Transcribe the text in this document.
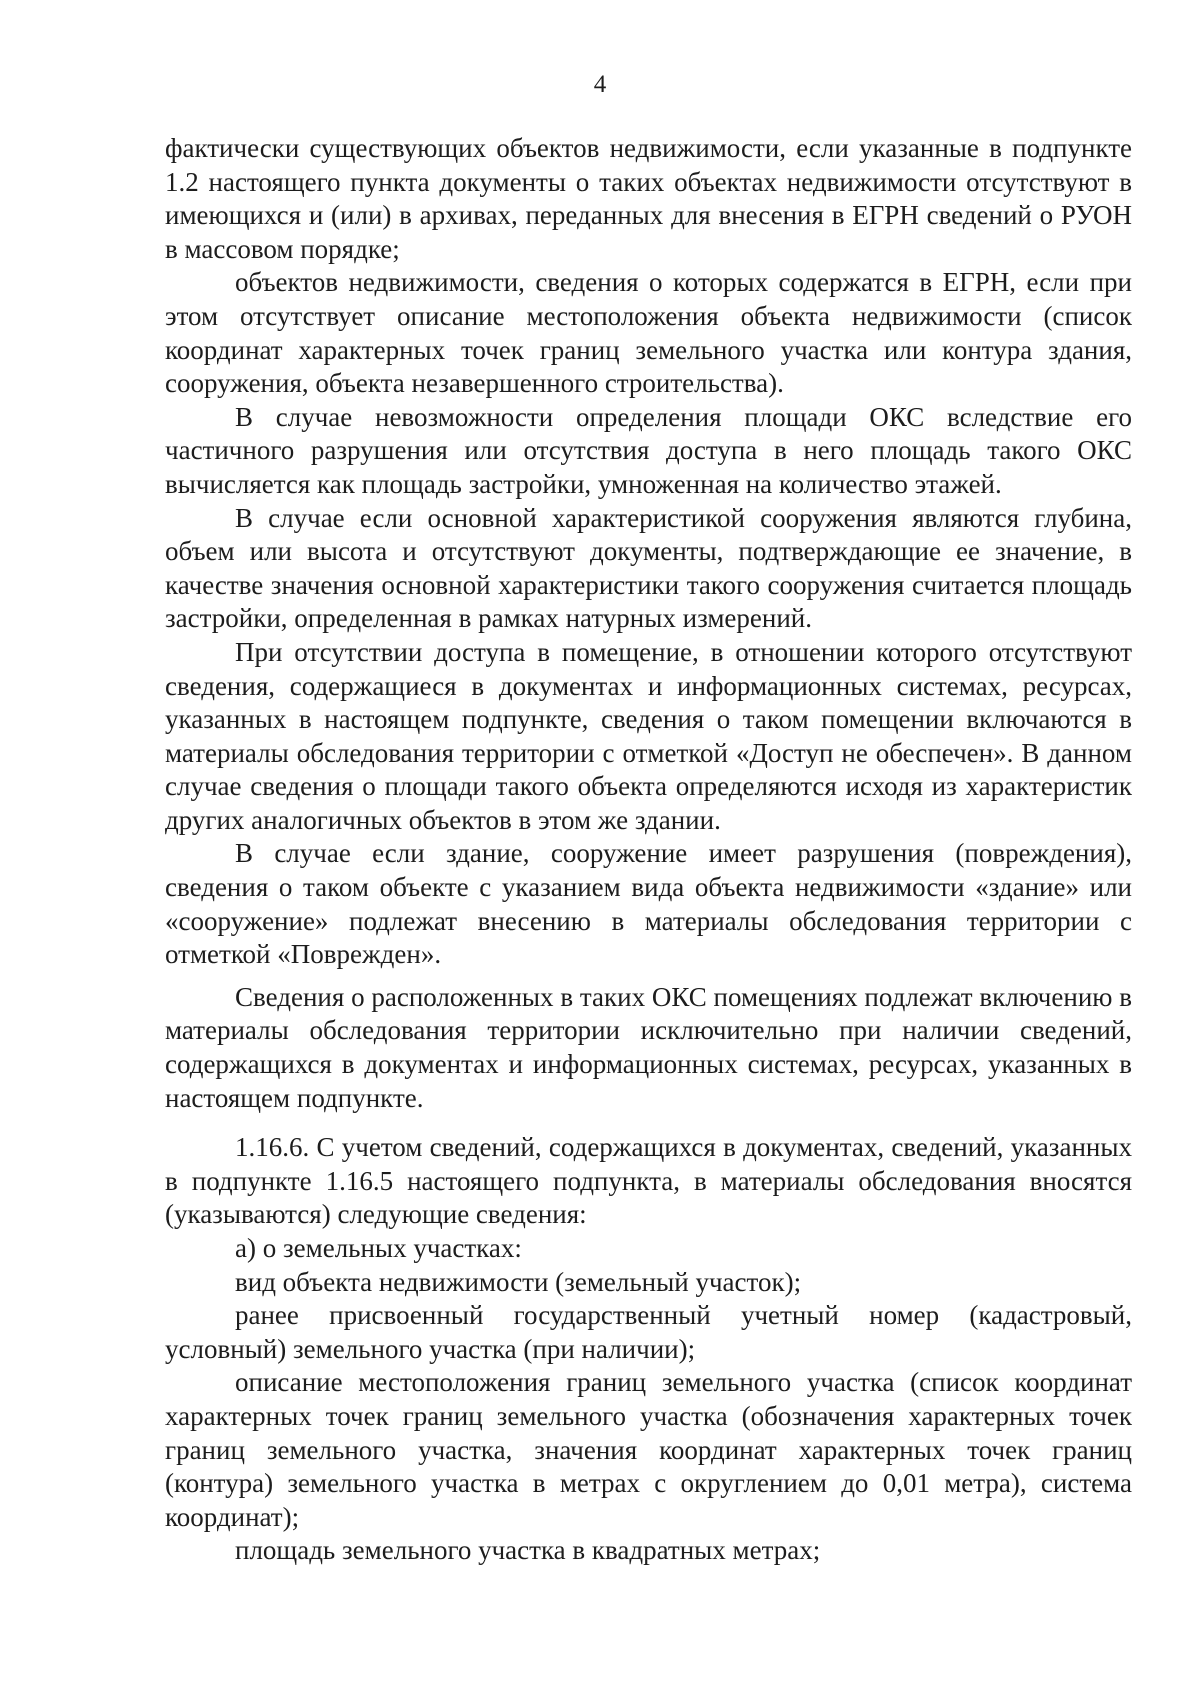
4

фактически существующих объектов недвижимости, если указанные в подпункте 1.2 настоящего пункта документы о таких объектах недвижимости отсутствуют в имеющихся и (или) в архивах, переданных для внесения в ЕГРН сведений о РУОН в массовом порядке;

объектов недвижимости, сведения о которых содержатся в ЕГРН, если при этом отсутствует описание местоположения объекта недвижимости (список координат характерных точек границ земельного участка или контура здания, сооружения, объекта незавершенного строительства).

В случае невозможности определения площади ОКС вследствие его частичного разрушения или отсутствия доступа в него площадь такого ОКС вычисляется как площадь застройки, умноженная на количество этажей.

В случае если основной характеристикой сооружения являются глубина, объем или высота и отсутствуют документы, подтверждающие ее значение, в качестве значения основной характеристики такого сооружения считается площадь застройки, определенная в рамках натурных измерений.

При отсутствии доступа в помещение, в отношении которого отсутствуют сведения, содержащиеся в документах и информационных системах, ресурсах, указанных в настоящем подпункте, сведения о таком помещении включаются в материалы обследования территории с отметкой «Доступ не обеспечен». В данном случае сведения о площади такого объекта определяются исходя из характеристик других аналогичных объектов в этом же здании.

В случае если здание, сооружение имеет разрушения (повреждения), сведения о таком объекте с указанием вида объекта недвижимости «здание» или «сооружение» подлежат внесению в материалы обследования территории с отметкой «Поврежден».

Сведения о расположенных в таких ОКС помещениях подлежат включению в материалы обследования территории исключительно при наличии сведений, содержащихся в документах и информационных системах, ресурсах, указанных в настоящем подпункте.

1.16.6. С учетом сведений, содержащихся в документах, сведений, указанных в подпункте 1.16.5 настоящего подпункта, в материалы обследования вносятся (указываются) следующие сведения:

а) о земельных участках:

вид объекта недвижимости (земельный участок);

ранее присвоенный государственный учетный номер (кадастровый, условный) земельного участка (при наличии);

описание местоположения границ земельного участка (список координат характерных точек границ земельного участка (обозначения характерных точек границ земельного участка, значения координат характерных точек границ (контура) земельного участка в метрах с округлением до 0,01 метра), система координат);

площадь земельного участка в квадратных метрах;
